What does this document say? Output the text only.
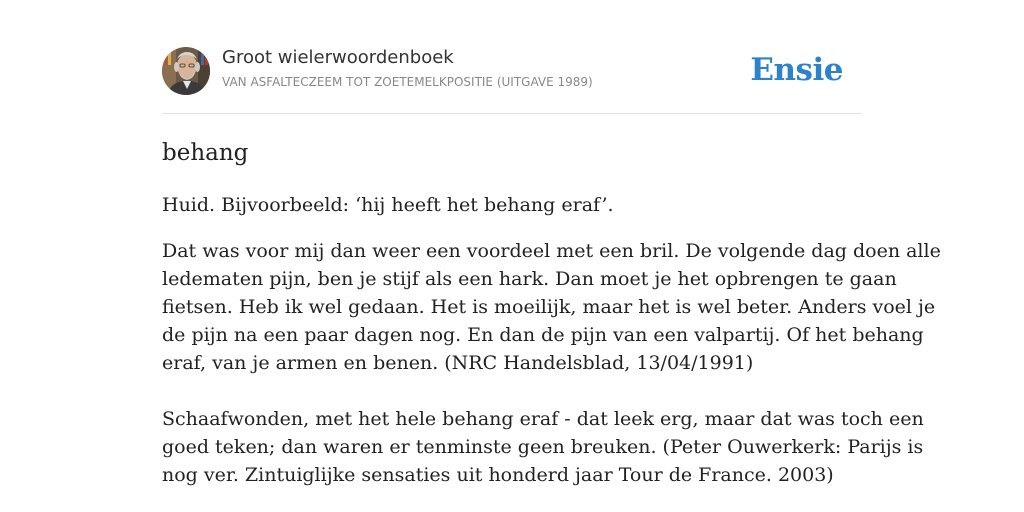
Groot wielerwoordenboek
VAN ASFALTECZEEM TOT ZOETEMELKPOSITIE (UITGAVE 1989)	Ensie
behang
Huid. Bijvoorbeeld: ‘hij heeft het behang eraf’.
Dat was voor mij dan weer een voordeel met een bril. De volgende dag doen alle
ledematen pijn, ben je stijf als een hark. Dan moet je het opbrengen te gaan
fietsen. Heb ik wel gedaan. Het is moeilijk, maar het is wel beter. Anders voel je
de pijn na een paar dagen nog. En dan de pijn van een valpartij. Of het behang
eraf, van je armen en benen. (NRC Handelsblad, 13/04/1991)
Schaafwonden, met het hele behang eraf - dat leek erg, maar dat was toch een
goed teken; dan waren er tenminste geen breuken. (Peter Ouwerkerk: Parijs is
nog ver. Zintuiglijke sensaties uit honderd jaar Tour de France. 2003)
